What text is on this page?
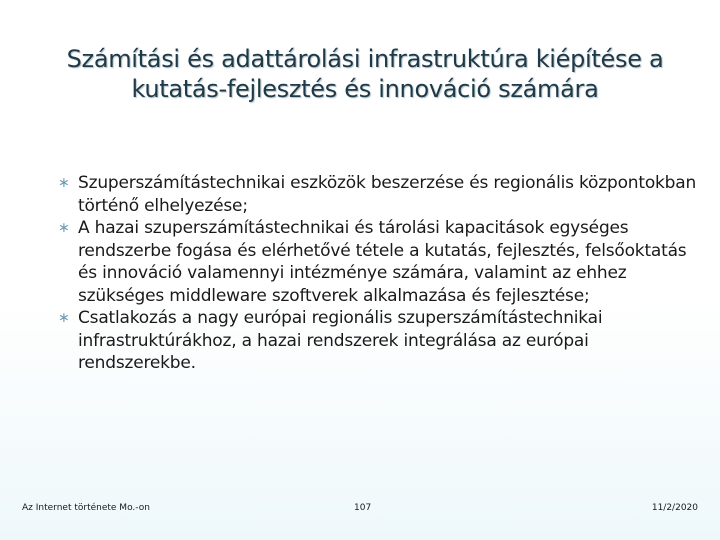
Számítási és adattárolási infrastruktúra kiépítése a
kutatás-fejlesztés és innováció számára
∗ Szuperszámítástechnikai eszközök beszerzése és regionális központokban történő elhelyezése;
∗ A hazai szuperszámítástechnikai és tárolási kapacitások egységes rendszerbe fogása és elérhetővé tétele a kutatás, fejlesztés, felsőoktatás és innováció valamennyi intézménye számára, valamint az ehhez szükséges middleware szoftverek alkalmazása és fejlesztése;
∗ Csatlakozás a nagy európai regionális szuperszámítástechnikai infrastruktúrákhoz, a hazai rendszerek integrálása az európai rendszerekbe.
Az Internet története Mo.-on	107	11/2/2020
